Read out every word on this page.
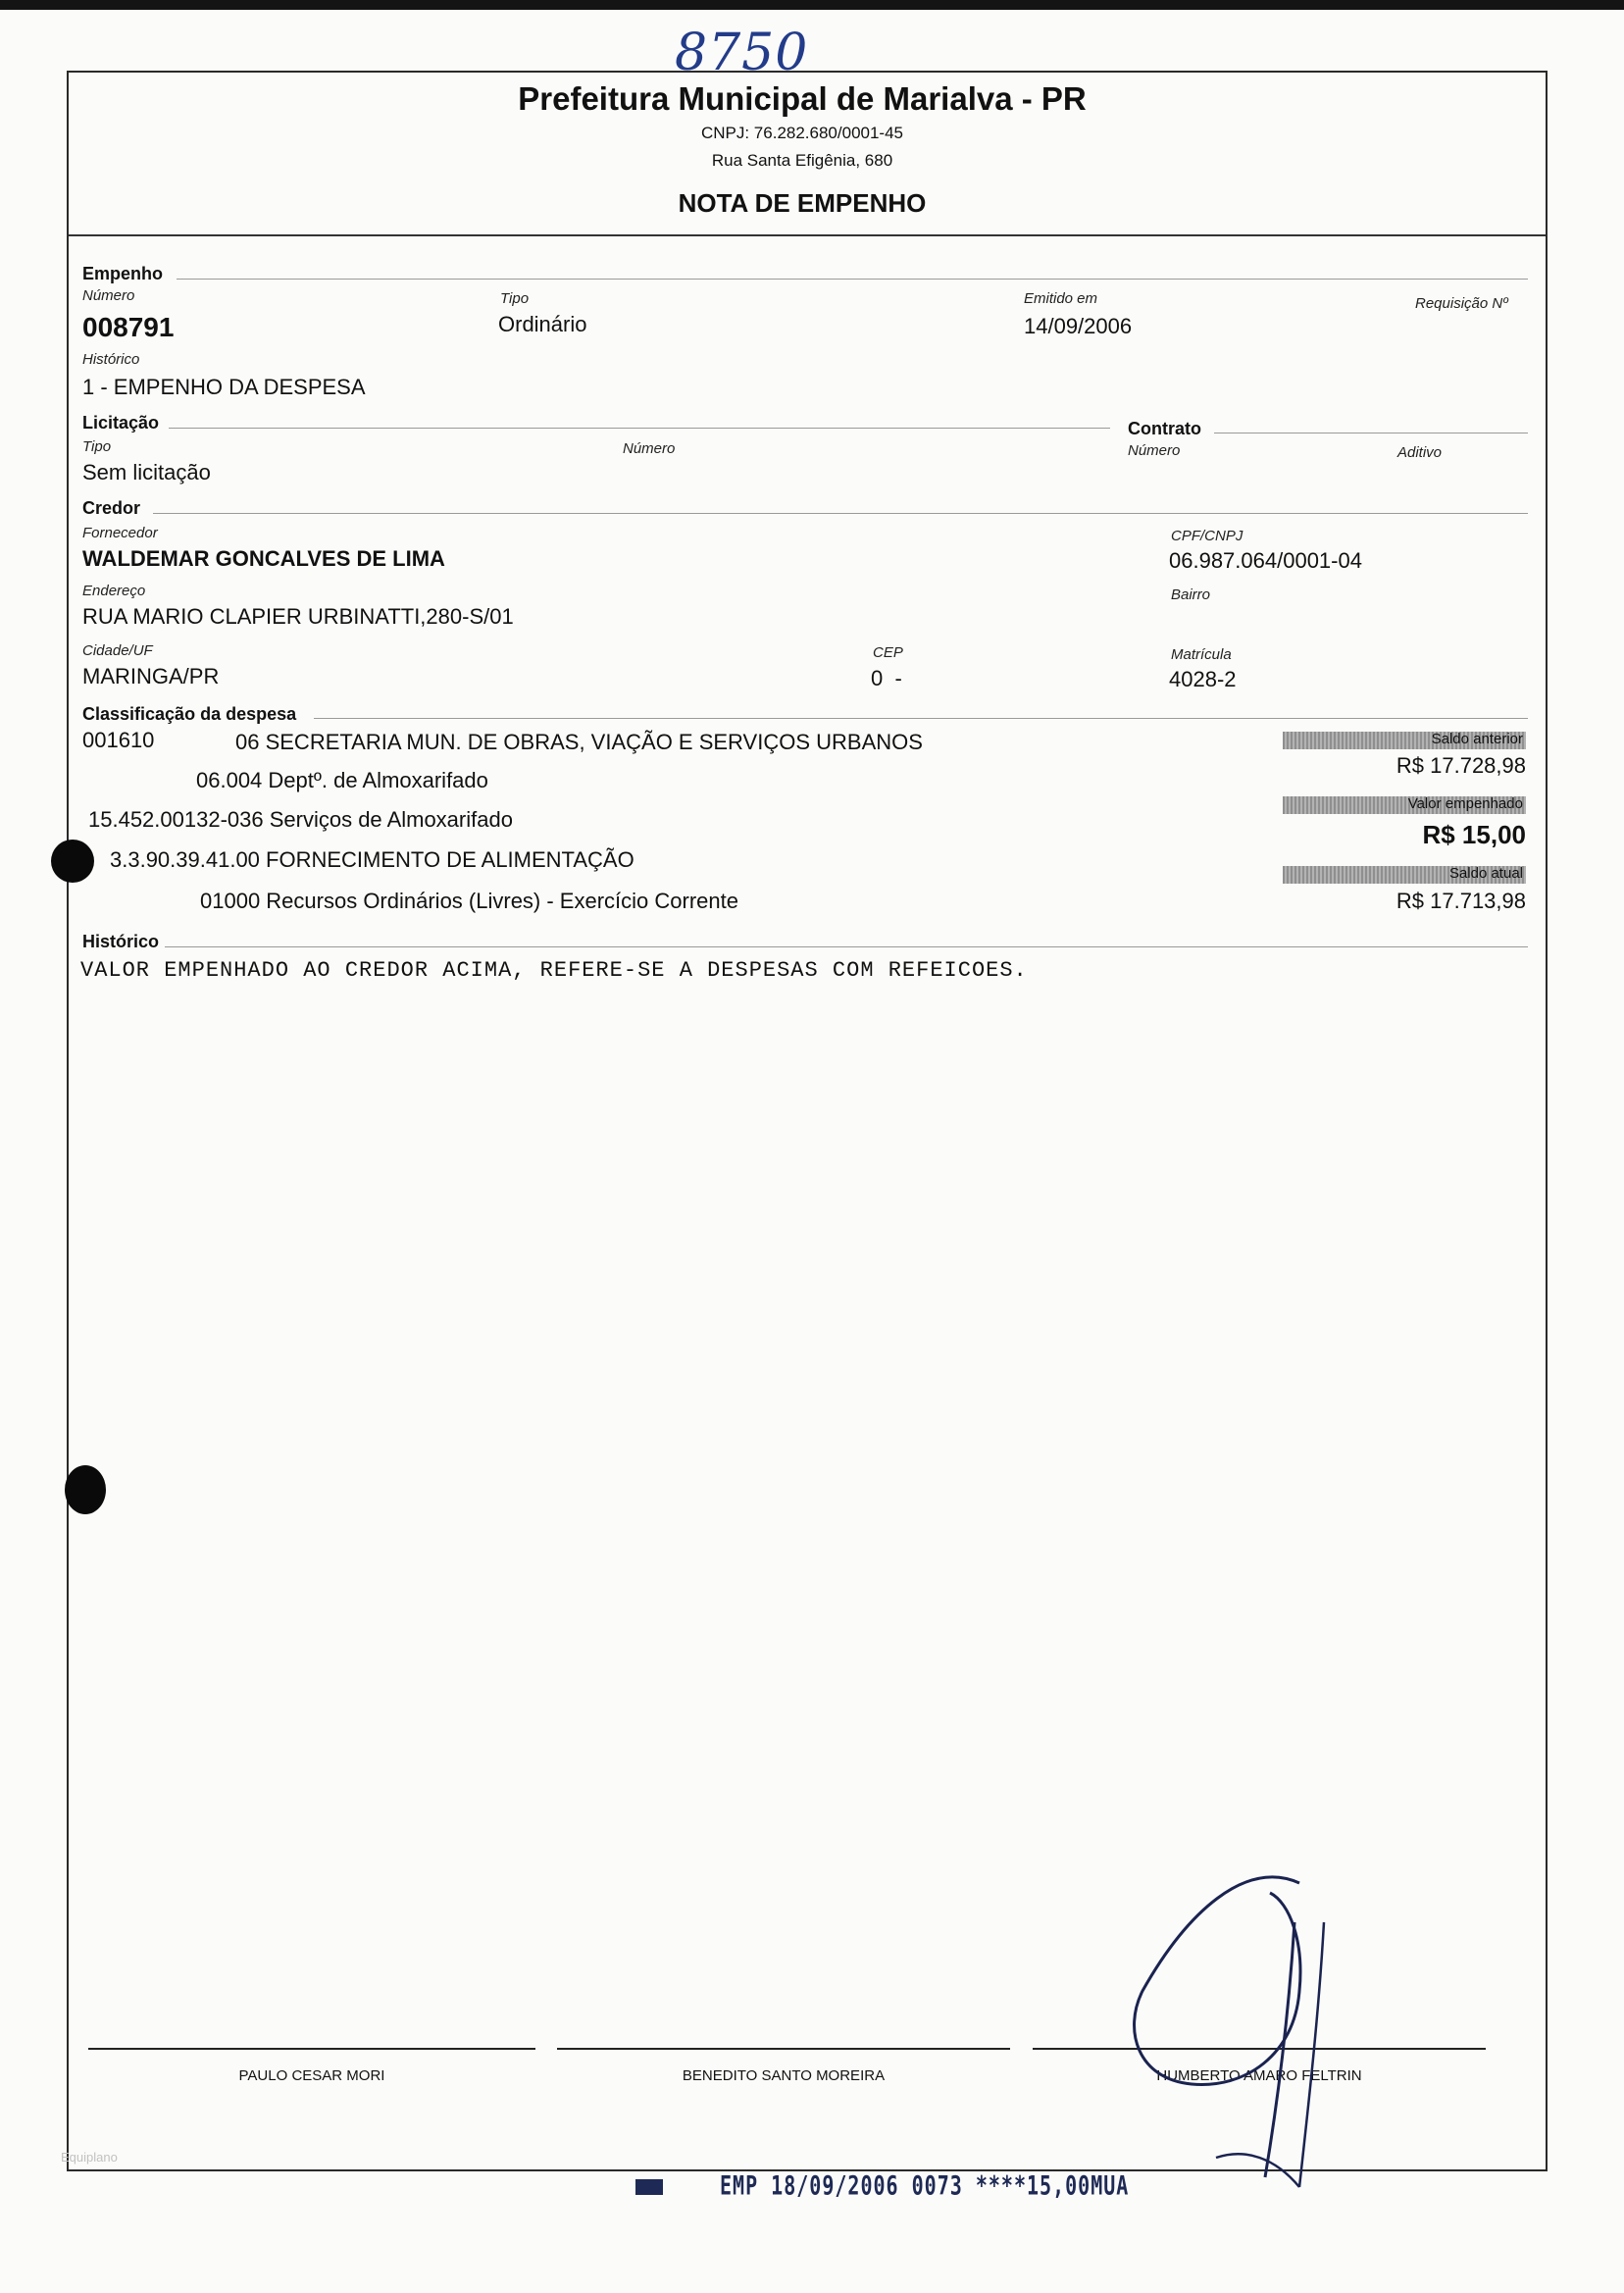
8750
Prefeitura Municipal de Marialva - PR
CNPJ: 76.282.680/0001-45
Rua Santa Efigênia, 680
NOTA DE EMPENHO
Empenho
Número
008791
Tipo
Ordinário
Emitido em
14/09/2006
Requisição Nº
Histórico
1 - EMPENHO DA DESPESA
Licitação
Tipo
Sem licitação
Número
Contrato
Número	Aditivo
Credor
Fornecedor
WALDEMAR GONCALVES DE LIMA
CPF/CNPJ
06.987.064/0001-04
Endereço
RUA MARIO CLAPIER URBINATTI,280-S/01
Bairro
Cidade/UF
MARINGA/PR
CEP
0  -
Matrícula
4028-2
Classificação da despesa
001610	06 SECRETARIA MUN. DE OBRAS, VIAÇÃO E SERVIÇOS URBANOS
06.004 Deptº. de Almoxarifado
15.452.00132-036 Serviços de Almoxarifado
3.3.90.39.41.00 FORNECIMENTO DE ALIMENTAÇÃO
01000 Recursos Ordinários (Livres) - Exercício Corrente
Saldo anterior
R$ 17.728,98
Valor empenhado
R$ 15,00
Saldo atual
R$ 17.713,98
Histórico
VALOR EMPENHADO AO CREDOR ACIMA, REFERE-SE A DESPESAS COM REFEICOES.
PAULO CESAR MORI	BENEDITO SANTO MOREIRA	HUMBERTO AMARO FELTRIN
Equiplano
EMP 18/09/2006 0073 ****15,00MUA
